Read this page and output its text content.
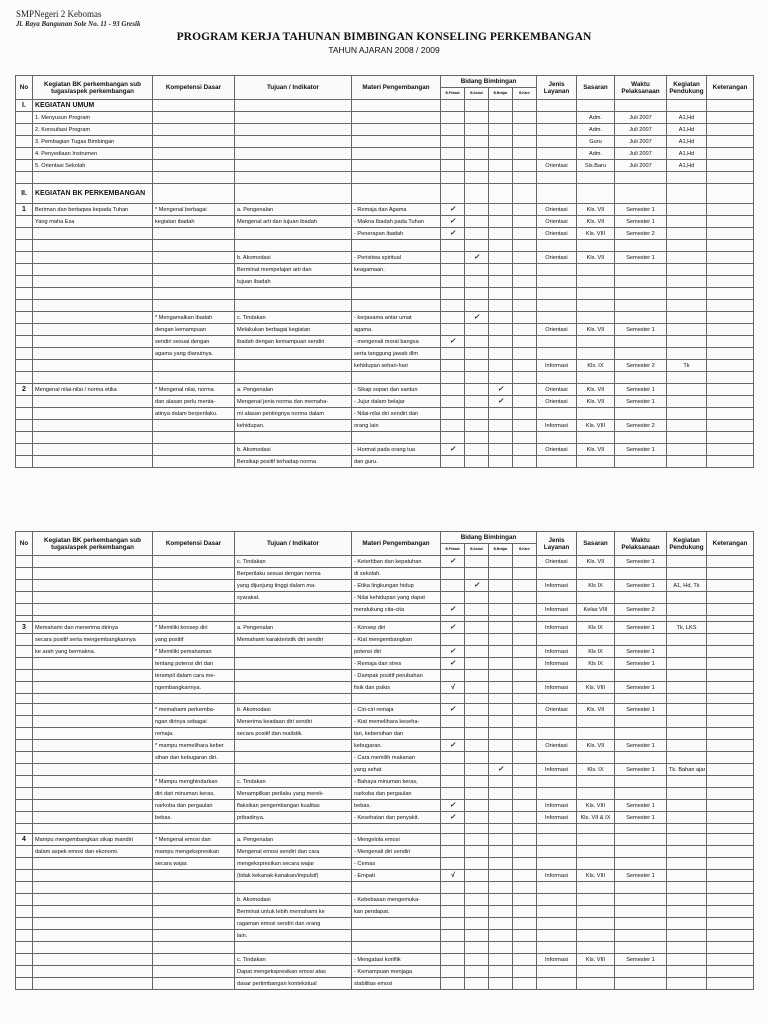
SMPNegeri 2 Kebomas
Jl. Raya Bangunan Sole No. 11 - 93 Gresik
PROGRAM KERJA TAHUNAN BIMBINGAN KONSELING PERKEMBANGAN
TAHUN AJARAN 2008 / 2009
No	Kegiatan BK perkembangan sub tugas/aspek perkembangan	Kompetensi Dasar	Tujuan / Indikator	Materi Pengembangan	Bidang Bimbingan				Jenis Layanan	Sasaran	Waktu Pelaksanaan	Kegiatan Pendukung	Keterangan
					B.Pribadi	B.Sosial	B.Belajar	B.Karir					
I.	KEGIATAN UMUM												
	1. Menyusun Program									Adm.	Juli 2007	A1,Hd	
	2. Konsultasi Program									Adm.	Juli 2007	A1,Hd	
	3. Pembagian Tugas Bimbingan									Guru	Juli 2007	A1,Hd	
	4. Penyediaan Instrumen									Adm.	Juli 2007	A1,Hd	
	5. Orientasi Sekolah								Orientasi	Sis.Baru	Juli 2007	A1,Hd	

II.	KEGIATAN BK PERKEMBANGAN												
1	Beriman dan bertaqwa kepada Tuhan	* Mengenal berbagai	a. Pengenalan	- Remaja dan Agama	✓				Orientasi	Kls. VII	Semester 1		
	Yang maha Esa	kegiatan ibadah	Mengenal arti dan tujuan ibadah	- Makna Ibadah pada Tuhan	✓				Orientasi	Kls. VII	Semester 1		
				- Penerapan ibadah	✓				Orientasi	Kls. VIII	Semester 2		

			b. Akomodasi	- Peristiwa spiritual		✓			Orientasi	Kls. VII	Semester 1		
			Berminat mempelajari arti dan	keagamaan.									
			tujuan ibadah										

		* Mengamalkan ibadah	c. Tindakan	- kerjasama antar umat		✓							
		dengan kemampuan	Melakukan berbagai kegiatan	agama.					Orientasi	Kls. VII	Semester 1		
		sendiri sesuai dengan	ibadah dengan kemampuan sendiri	- mengenali moral bangsa	✓								
		agama yang dianutnya.		serta tanggung jawab dlm									
				kehidupan sehari-hari					Informasi	Kls. IX	Semester 2	Tk	

2	Mengenal nilai-nilai / norma etika	* Mengenal nilai, norma	a. Pengenalan	- Sikap sopan dan santun			✓		Orientasi	Kls. VII	Semester 1		
		dan alasan perlu menta-	Mengenal jenis norma dan memaha-	- Jujur dalam belajar			✓		Orientasi	Kls. VII	Semester 1		
		atinya dalam berperilaku.	mi alasan pentingnya norma dalam	- Nilai-nilai diri sendiri dan									
			kehidupan.	orang lain					Informasi	Kls. VIII	Semester 2		

			b. Akomodasi	- Hormat pada orang tua	✓				Orientasi	Kls. VII	Semester 1		
			Bersikap positif terhadap norma	dan guru.									
No	Kegiatan BK perkembangan sub tugas/aspek perkembangan	Kompetensi Dasar	Tujuan / Indikator	Materi Pengembangan	Bidang Bimbingan				Jenis Layanan	Sasaran	Waktu Pelaksanaan	Kegiatan Pendukung	Keterangan
					B.Pribadi	B.Sosial	B.Belajar	B.Karir					
			c. Tindakan	- Ketertiban dan kepatuhan	✓				Orientasi	Kls. VII	Semester 1		
			Berperilaku sesuai dengan norma	di sekolah.									
			yang dijunjung tinggi dalam ma-	- Etika lingkungan hidup		✓			Informasi	Kls IX	Semester 1	A1, Hd, Tk	
			syarakat.	- Nilai kehidupan yang dapat									
				mendukung cita-cita	✓				Informasi	Kelas VIII	Semester 2		

3	Memahami dan menerima dirinya	* Memiliki konsep diri	a. Pengenalan	- Konsep diri	✓				Informasi	Kls IX	Semester 1	Tk, LKS	
	secara positif serta mengembangkannya	yang positif	Memahami karakteristik diri sendiri	- Kiat mengembangkan									
	ke arah yang bermakna.	* Memiliki pemahaman		potensi diri	✓				Informasi	Kls IX	Semester 1		
		tentang potensi diri dan		- Remaja dan stres	✓				Informasi	Kls IX	Semester 1		
		terampil dalam cara me-		- Dampak positif perubahan									
		ngembangkannya.		fisik dan psikis	√				Informasi	Kls. VIII	Semester 1		

		* memahami perkemba-	b. Akomodasi	- Ciri-ciri remaja	✓				Orientasi	Kls. VII	Semester 1		
		ngan dirinya sebagai	Menerima keadaan diri sendiri	- Kiat memelihara keseha-									
		remaja.	secara positif dan realistik.	tan, kebersihan dan									
		* mampu memelihara keber		kebugaran.	✓				Orientasi	Kls. VII	Semester 1		
		sihan dan kebugaran diri.		- Cara memilih makanan									
				yang sehat			✓		Informasi	Kls. IX	Semester 1	Tk. Bahan ajar	
		* Mampu menghindarkan	c. Tindakan	- Bahaya minuman keras,									
		diri dari minuman keras,	Menampilkan perilaku yang merek-	narkoba dan pergaulan									
		narkoba dan pergaulan	flaksikan pengembangan kualitas	bebas.	✓				Informasi	Kls. VIII	Semester 1		
		bebas.	pribadinya.	- Kesehatan dan penyakit.	✓				Informasi	Kls. VII & IX	Semester 1		

4	Mampu mengembangkan sikap mandiri	* Mengenal emosi dan	a. Pengenalan	- Mengelola emosi									
	dalam aspek emosi dan ekonomi.	mampu mengekspresikan	Mengenal emosi sendiri dan cara	- Mengenali diri sendiri									
		secara wajar.	mengekspresikan secara wajar	- Cemas									
			(tidak kekanak-kanakan/impulsif)	- Empati	√				Informasi	Kls. VIII	Semester 1		

			b. Akomodasi	- Kebebasan mengemuka-									
			Berminat untuk lebih memahami ke	kan pendapat.									
			ragaman emosi sendiri dan orang										
			lain.										

			c. Tindakan	- Mengatasi konflik					Informasi	Kls. VIII	Semester 1		
			Dapat mengekspresikan emosi atas	- Kemampuan menjaga									
			dasar pertimbangan kontekstual	stabilitas emosi									
